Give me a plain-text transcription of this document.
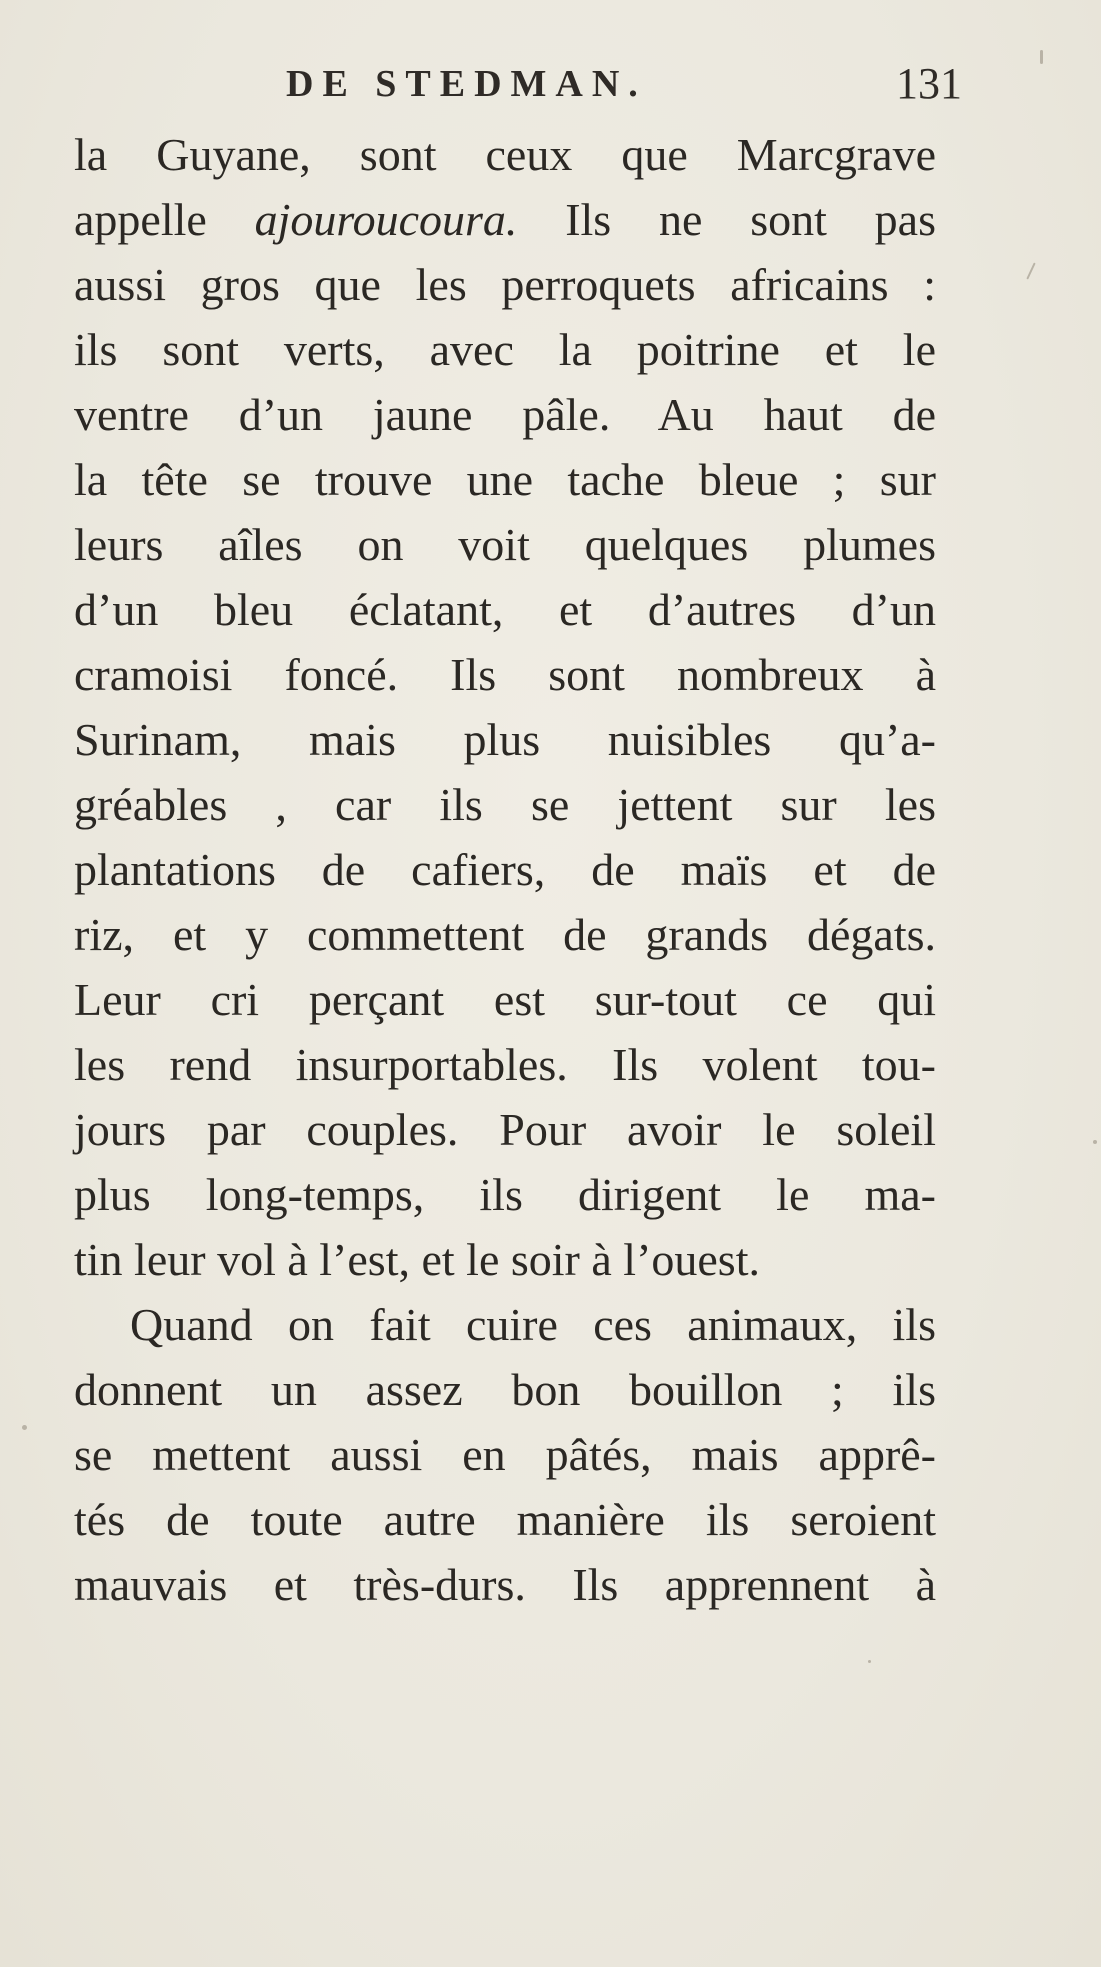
DE STEDMAN.	131
la Guyane, sont ceux que Marcgrave
appelle ajouroucoura. Ils ne sont pas
aussi gros que les perroquets africains :
ils sont verts, avec la poitrine et le
ventre d’un jaune pâle. Au haut de
la tête se trouve une tache bleue ; sur
leurs aîles on voit quelques plumes
d’un bleu éclatant, et d’autres d’un
cramoisi foncé. Ils sont nombreux à
Surinam, mais plus nuisibles qu’a-
gréables , car ils se jettent sur les
plantations de cafiers, de maïs et de
riz, et y commettent de grands dégats.
Leur cri perçant est sur-tout ce qui
les rend insurportables. Ils volent tou-
jours par couples. Pour avoir le soleil
plus long-temps, ils dirigent le ma-
tin leur vol à l’est, et le soir à l’ouest.
Quand on fait cuire ces animaux, ils
donnent un assez bon bouillon ; ils
se mettent aussi en pâtés, mais apprê-
tés de toute autre manière ils seroient
mauvais et très-durs. Ils apprennent à
